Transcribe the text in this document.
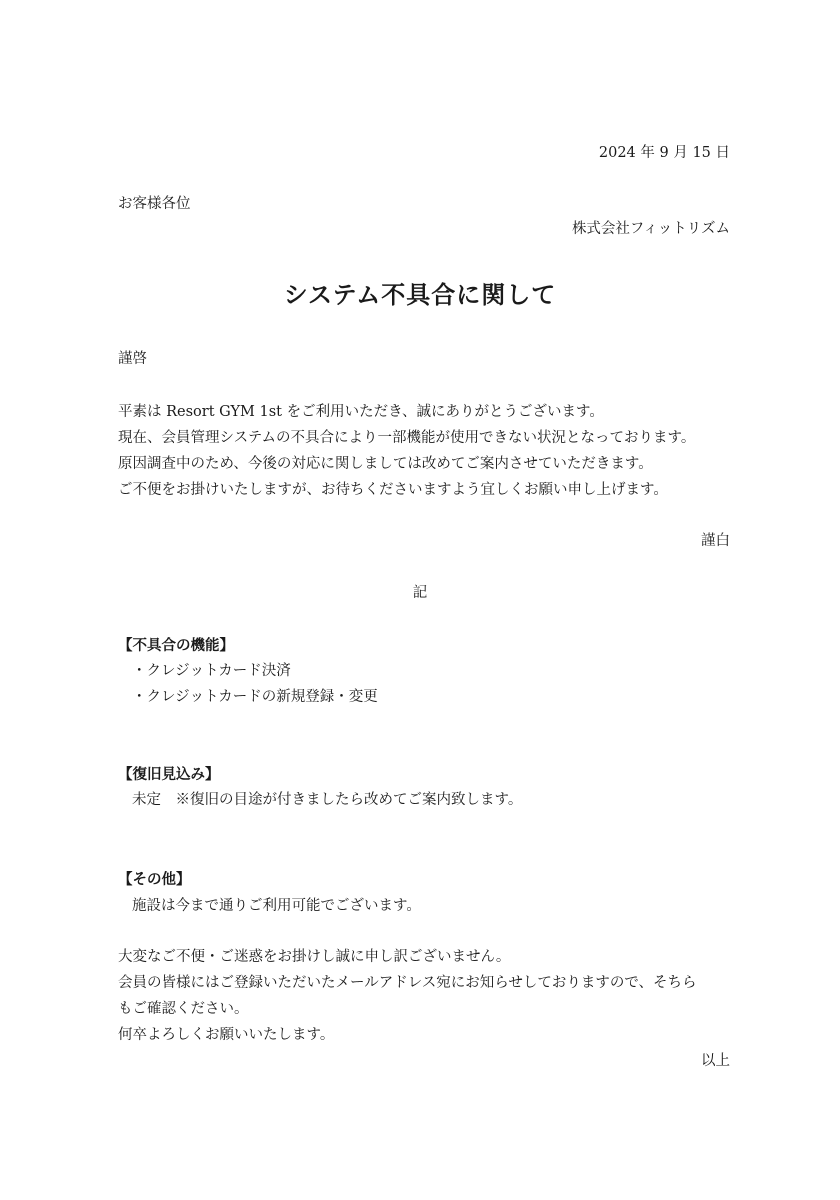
2024 年 9 月 15 日

お客様各位

株式会社フィットリズム

システム不具合に関して

謹啓

平素は Resort GYM 1st をご利用いただき、誠にありがとうございます。

現在、会員管理システムの不具合により一部機能が使用できない状況となっております。

原因調査中のため、今後の対応に関しましては改めてご案内させていただきます。

ご不便をお掛けいたしますが、お待ちくださいますよう宜しくお願い申し上げます。

謹白

記

【不具合の機能】

・クレジットカード決済

・クレジットカードの新規登録・変更

【復旧見込み】

未定　※復旧の目途が付きましたら改めてご案内致します。

【その他】

施設は今まで通りご利用可能でございます。

大変なご不便・ご迷惑をお掛けし誠に申し訳ございません。

会員の皆様にはご登録いただいたメールアドレス宛にお知らせしておりますので、そちら

もご確認ください。

何卒よろしくお願いいたします。

以上
